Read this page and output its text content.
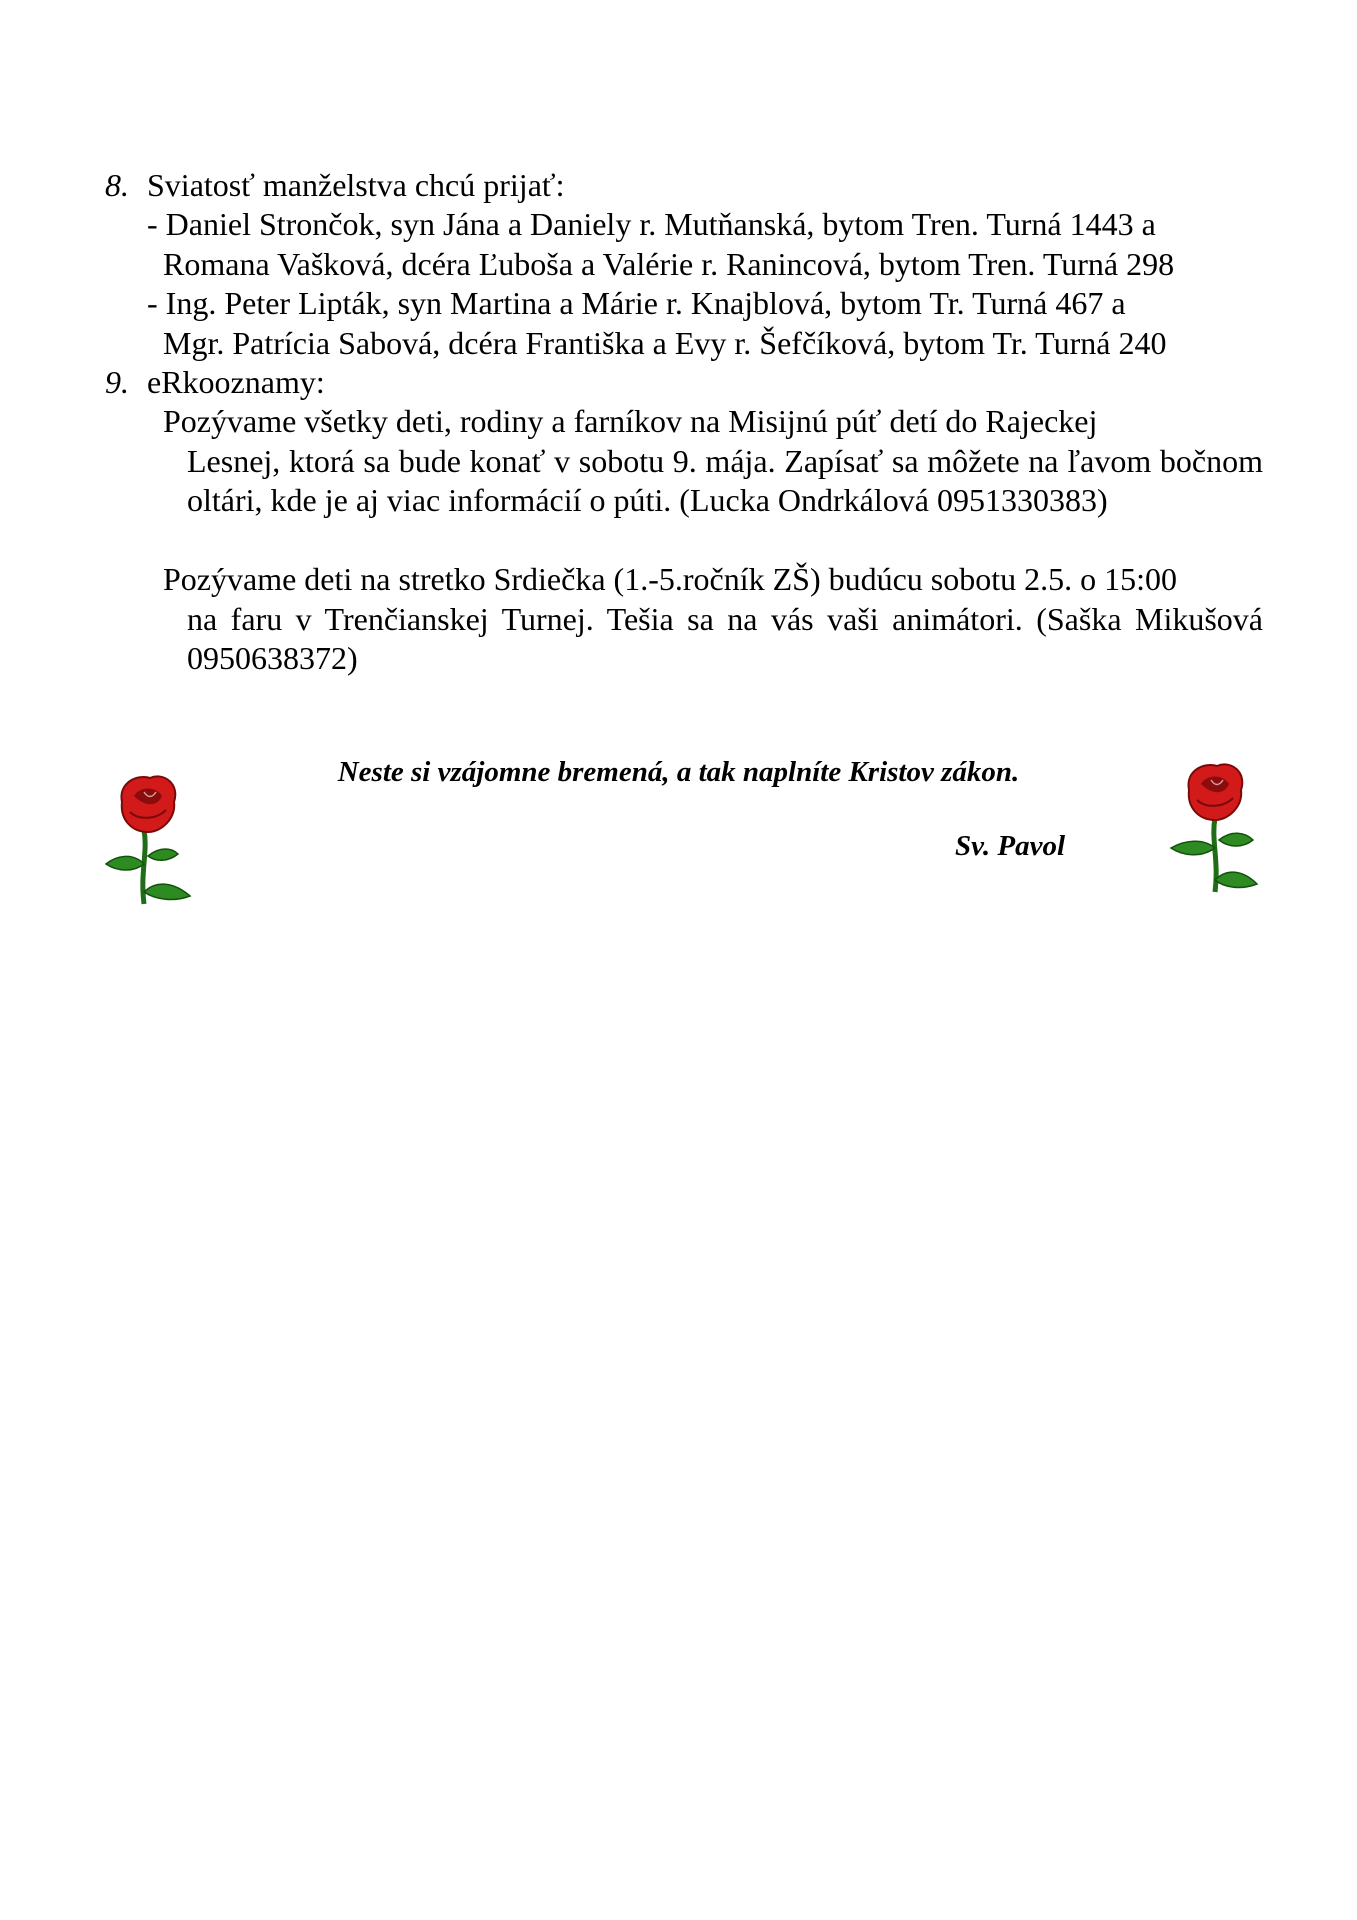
8. Sviatosť manželstva chcú prijať:
- Daniel Strončok, syn Jána a Daniely r. Mutňanská, bytom Tren. Turná 1443 a
Romana Vašková, dcéra Ľuboša a Valérie r. Ranincová, bytom Tren. Turná 298
- Ing. Peter Lipták, syn Martina a Márie r. Knajblová, bytom Tr. Turná 467 a
Mgr. Patrícia Sabová, dcéra Františka a Evy r. Šefčíková, bytom Tr. Turná 240
9. eRkooznamy:
Pozývame všetky deti, rodiny a farníkov na Misijnú púť detí do Rajeckej
Lesnej, ktorá sa bude konať v sobotu 9. mája. Zapísať sa môžete na ľavom bočnom oltári, kde je aj viac informácií o púti. (Lucka Ondrkálová 0951330383)
Pozývame deti na stretko Srdiečka (1.-5.ročník ZŠ) budúcu sobotu 2.5. o 15:00
na faru v Trenčianskej Turnej. Tešia sa na vás vaši animátori. (Saška Mikušová 0950638372)
Neste si vzájomne bremená, a tak naplníte Kristov zákon.
Sv. Pavol
